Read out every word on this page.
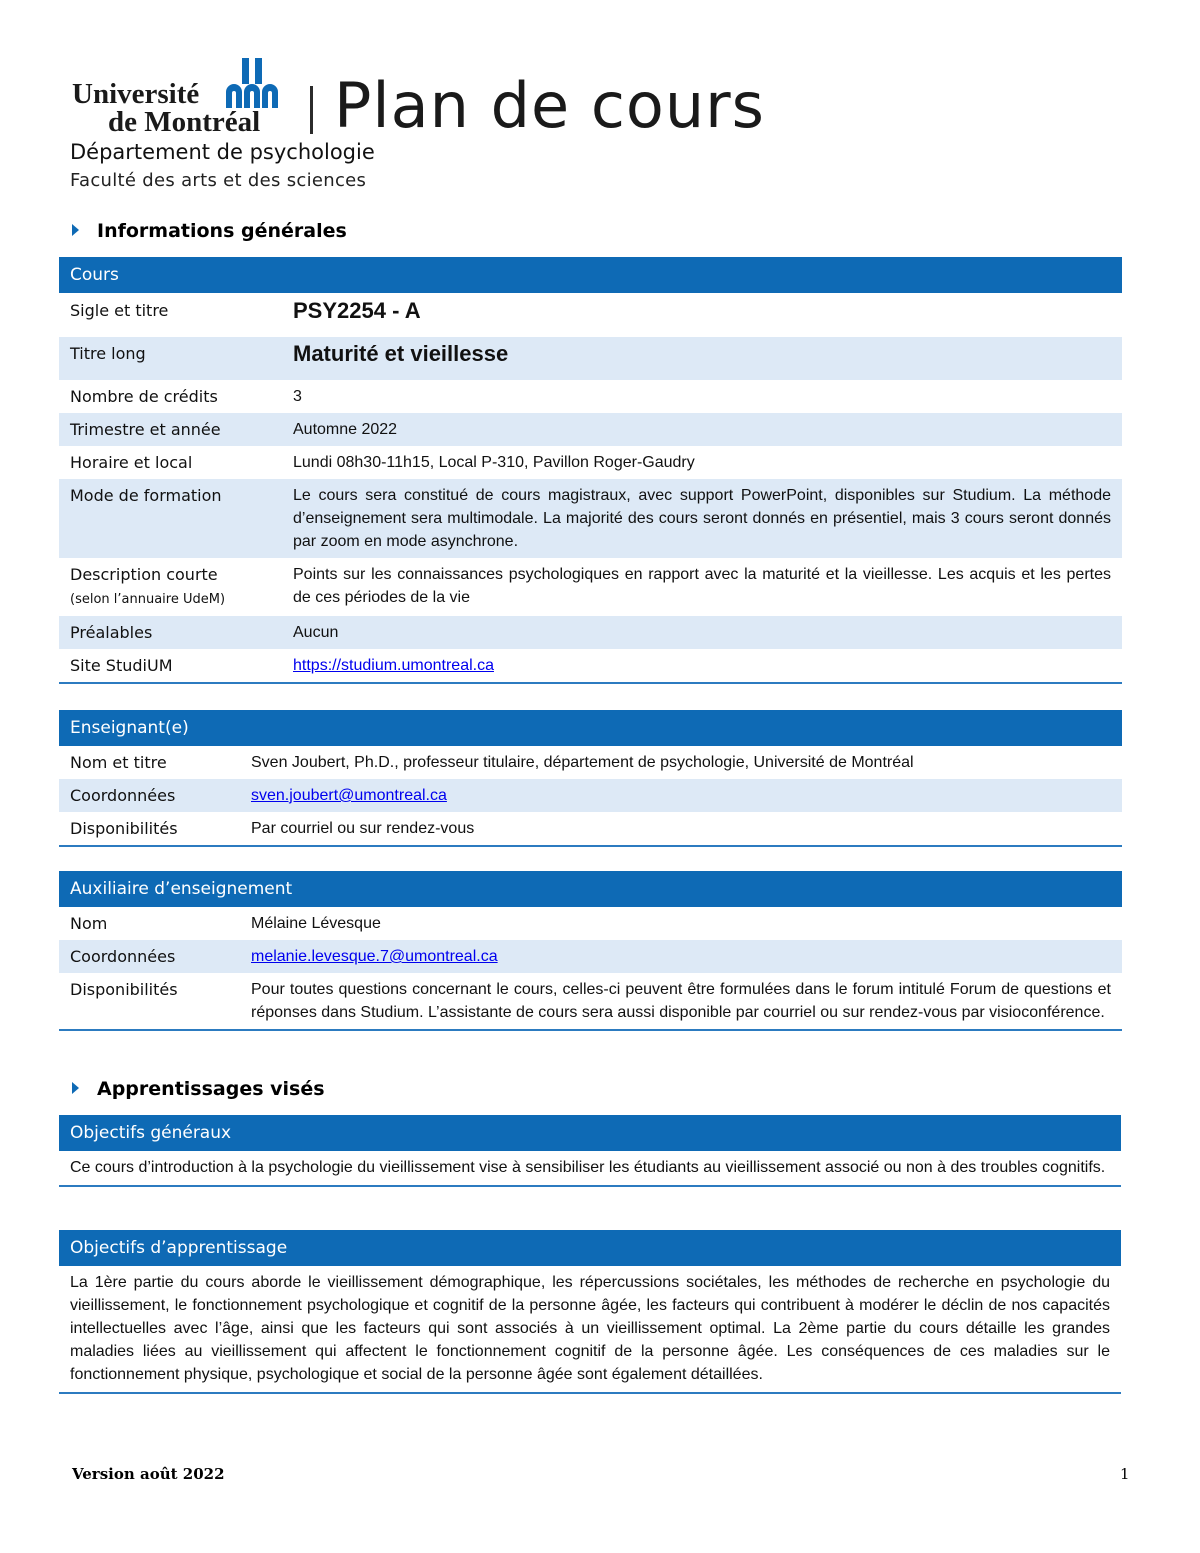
Université
de Montréal Plan de cours
Département de psychologie
Faculté des arts et des sciences
Informations générales
Cours	
Sigle et titre	PSY2254 - A
Titre long	Maturité et vieillesse
Nombre de crédits	3
Trimestre et année	Automne 2022
Horaire et local	Lundi 08h30-11h15, Local P-310, Pavillon Roger-Gaudry
Mode de formation	Le cours sera constitué de cours magistraux, avec support PowerPoint, disponibles sur Studium. La méthode d’enseignement sera multimodale. La majorité des cours seront donnés en présentiel, mais 3 cours seront donnés par zoom en mode asynchrone.
Description courte
(selon l’annuaire UdeM)	Points sur les connaissances psychologiques en rapport avec la maturité et la vieillesse. Les acquis et les pertes de ces périodes de la vie
Préalables	Aucun
Site StudiUM	https://studium.umontreal.ca
Enseignant(e)	
Nom et titre	Sven Joubert, Ph.D., professeur titulaire, département de psychologie, Université de Montréal
Coordonnées	sven.joubert@umontreal.ca
Disponibilités	Par courriel ou sur rendez-vous
Auxiliaire d’enseignement	
Nom	Mélaine Lévesque
Coordonnées	melanie.levesque.7@umontreal.ca
Disponibilités	Pour toutes questions concernant le cours, celles-ci peuvent être formulées dans le forum intitulé Forum de questions et réponses dans Studium. L’assistante de cours sera aussi disponible par courriel ou sur rendez-vous par visioconférence.
Apprentissages visés
Objectifs généraux
Ce cours d’introduction à la psychologie du vieillissement vise à sensibiliser les étudiants au vieillissement associé ou non à des troubles cognitifs.
Objectifs d’apprentissage
La 1ère partie du cours aborde le vieillissement démographique, les répercussions sociétales, les méthodes de recherche en psychologie du vieillissement, le fonctionnement psychologique et cognitif de la personne âgée, les facteurs qui contribuent à modérer le déclin de nos capacités intellectuelles avec l’âge, ainsi que les facteurs qui sont associés à un vieillissement optimal. La 2ème partie du cours détaille les grandes maladies liées au vieillissement qui affectent le fonctionnement cognitif de la personne âgée. Les conséquences de ces maladies sur le fonctionnement physique, psychologique et social de la personne âgée sont également détaillées.
Version août 2022	1
